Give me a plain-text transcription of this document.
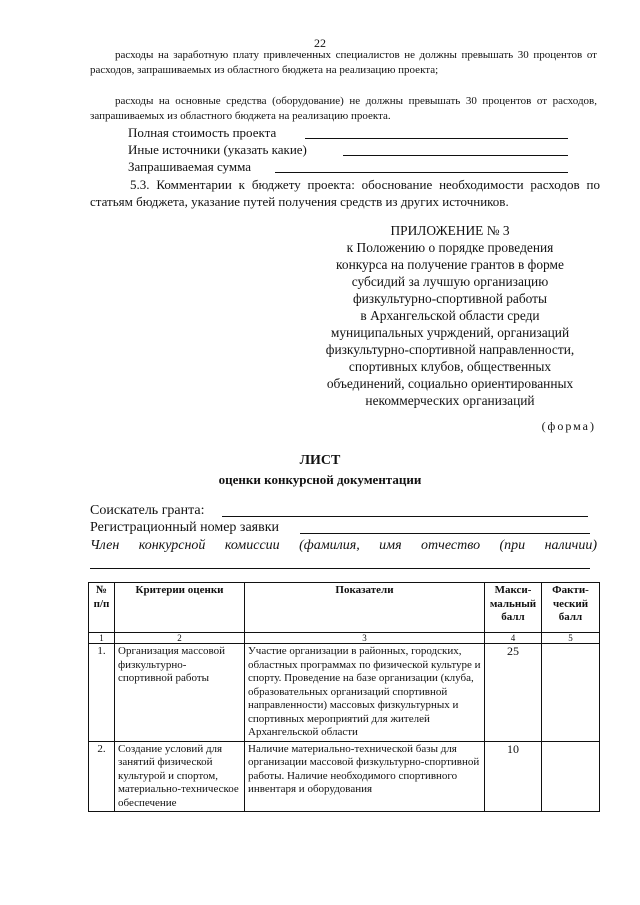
22

расходы на заработную плату привлеченных специалистов не должны превышать 30 процентов от расходов, запрашиваемых из областного бюджета на реализацию проекта;

расходы на основные средства (оборудование) не должны превышать 30 процентов от расходов, запрашиваемых из областного бюджета на реализацию проекта.

Полная стоимость проекта
Иные источники (указать какие)
Запрашиваемая сумма

5.3. Комментарии к бюджету проекта: обоснование необходимости расходов по статьям бюджета, указание путей получения средств из других источников.

ПРИЛОЖЕНИЕ № 3
к Положению о порядке проведения
конкурса на получение грантов в форме
субсидий за лучшую организацию
физкультурно-спортивной работы
в Архангельской области среди
муниципальных учрждений, организаций
физкультурно-спортивной направленности,
спортивных клубов, общественных
объединений, социально ориентированных
некоммерческих организаций
(форма)
ЛИСТ
оценки конкурсной документации
Соискатель гранта:
Регистрационный номер заявки
Член конкурсной комиссии (фамилия, имя отчество (при наличии)
№ п/п	Критерии оценки	Показатели	Макси-мальный балл	Факти-ческий балл
1	2	3	4	5
1.	Организация массовой физкультурно-спортивной работы	Участие организации в районных, городских, областных программах по физической культуре и спорту. Проведение на базе организации (клуба, образовательных организаций спортивной направленности) массовых физкультурных и спортивных мероприятий для жителей Архангельской области	25	
2.	Создание условий для занятий физической культурой и спортом, материально-техническое обеспечение	Наличие материально-технической базы для организации массовой физкультурно-спортивной работы. Наличие необходимого спортивного инвентаря и оборудования	10	
